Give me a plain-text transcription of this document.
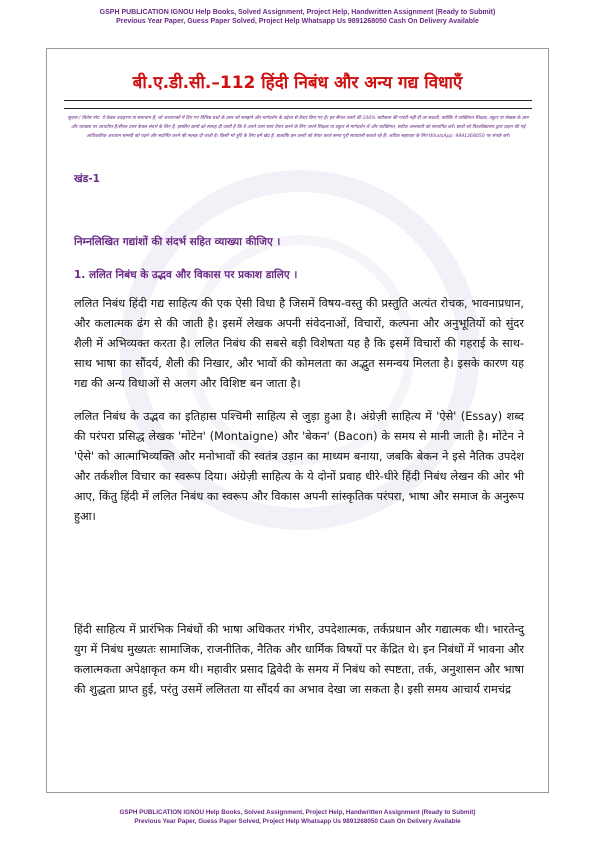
GSPH PUBLICATION IGNOU Help Books, Solved Assignment, Project Help, Handwritten Assignment (Ready to Submit)
Previous Year Paper, Guess Paper Solved, Project Help Whatsapp Us 9891268050 Cash On Delivery Available
बी.ए.डी.सी.–112 हिंदी निबंध और अन्य गद्य विधाएँ
सूचना / विशेष नोट: ये केवल उदाहरण या समाधान हैं, जो अध्यापकों में दिए गए विभिन्न प्रश्नों के उत्तर को समझने और मार्गदर्शन के उद्देश्य से तैयार किए गए हैं। इन सैंपल उत्तरों की 100% सटीकता की गारंटी नहीं दी जा सकती, क्योंकि ये व्यक्तिगत शिक्षक, ट्यूटर या लेखक के ज्ञान और व्याख्या पर आधारित हैं।सैंपल उत्तर केवल संदर्भ के लिए हैं, इसलिए छात्रों को सलाह दी जाती है कि वे अपने उत्तर स्वयं तैयार करने के लिए अपने शिक्षक या ट्यूटर से मार्गदर्शन लें और व्यक्तिगत, सटीक जानकारी को सत्यापित करें। छात्रों को विश्वविद्यालय द्वारा प्रदान की गई आधिकारिक अध्ययन सामग्री को पढ़ने और संदर्भित करने की सलाह दी जाती है। किसी भी त्रुटि के लिए हमें खेद है, हालांकि हम उत्तरों को तैयार करते समय पूरी सावधानी बरतते रहे हैं। अधिक सहायता के लिए WhatsApp: 9891268050 पर संपर्क करें।
खंड-1
निम्नलिखित गद्यांशों की संदर्भ सहित व्याख्या कीजिए ।
1. ललित निबंध के उद्भव और विकास पर प्रकाश डालिए ।
ललित निबंध हिंदी गद्य साहित्य की एक ऐसी विधा है जिसमें विषय-वस्तु की प्रस्तुति अत्यंत रोचक, भावनाप्रधान, और कलात्मक ढंग से की जाती है। इसमें लेखक अपनी संवेदनाओं, विचारों, कल्पना और अनुभूतियों को सुंदर शैली में अभिव्यक्त करता है। ललित निबंध की सबसे बड़ी विशेषता यह है कि इसमें विचारों की गहराई के साथ-साथ भाषा का सौंदर्य, शैली की निखार, और भावों की कोमलता का अद्भुत समन्वय मिलता है। इसके कारण यह गद्य की अन्य विधाओं से अलग और विशिष्ट बन जाता है।
ललित निबंध के उद्भव का इतिहास पश्चिमी साहित्य से जुड़ा हुआ है। अंग्रेज़ी साहित्य में 'ऐसे' (Essay) शब्द की परंपरा प्रसिद्ध लेखक 'मोंटेन' (Montaigne) और 'बेकन' (Bacon) के समय से मानी जाती है। मोंटेन ने 'ऐसे' को आत्माभिव्यक्ति और मनोभावों की स्वतंत्र उड़ान का माध्यम बनाया, जबकि बेकन ने इसे नैतिक उपदेश और तर्कशील विचार का स्वरूप दिया। अंग्रेज़ी साहित्य के ये दोनों प्रवाह धीरे-धीरे हिंदी निबंध लेखन की ओर भी आए, किंतु हिंदी में ललित निबंध का स्वरूप और विकास अपनी सांस्कृतिक परंपरा, भाषा और समाज के अनुरूप हुआ।
हिंदी साहित्य में प्रारंभिक निबंधों की भाषा अधिकतर गंभीर, उपदेशात्मक, तर्कप्रधान और गद्यात्मक थी। भारतेन्दु युग में निबंध मुख्यतः सामाजिक, राजनीतिक, नैतिक और धार्मिक विषयों पर केंद्रित थे। इन निबंधों में भावना और कलात्मकता अपेक्षाकृत कम थी। महावीर प्रसाद द्विवेदी के समय में निबंध को स्पष्टता, तर्क, अनुशासन और भाषा की शुद्धता प्राप्त हुई, परंतु उसमें ललितता या सौंदर्य का अभाव देखा जा सकता है। इसी समय आचार्य रामचंद्र
GSPH PUBLICATION IGNOU Help Books, Solved Assignment, Project Help, Handwritten Assignment (Ready to Submit)
Previous Year Paper, Guess Paper Solved, Project Help Whatsapp Us 9891268050 Cash On Delivery Available
